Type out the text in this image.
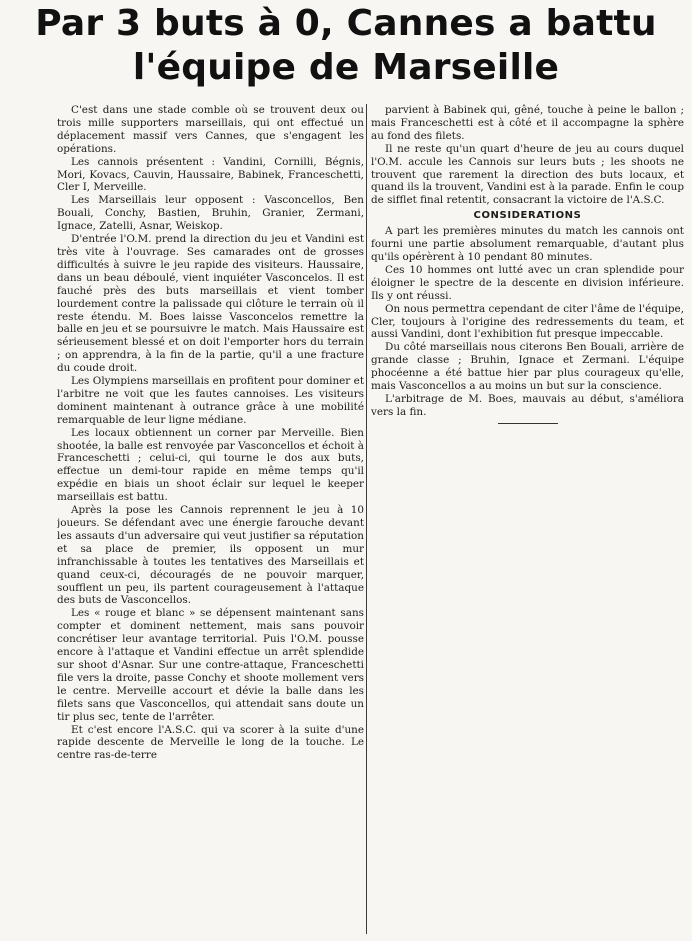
Par 3 buts à 0, Cannes a battu
l'équipe de Marseille

C'est dans une stade comble où se trouvent deux ou trois mille supporters marseillais, qui ont effectué un déplacement massif vers Cannes, que s'engagent les opérations.

Les cannois présentent : Vandini, Cornilli, Bégnis, Mori, Kovacs, Cauvin, Haussaire, Babinek, Franceschetti, Cler I, Merveille.

Les Marseillais leur opposent : Vasconcellos, Ben Bouali, Conchy, Bastien, Bruhin, Granier, Zermani, Ignace, Zatelli, Asnar, Weiskop.

D'entrée l'O.M. prend la direction du jeu et Vandini est très vite à l'ouvrage. Ses camarades ont de grosses difficultés à suivre le jeu rapide des visiteurs. Haussaire, dans un beau déboulé, vient inquiéter Vasconcelos. Il est fauché près des buts marseillais et vient tomber lourdement contre la palissade qui clôture le terrain où il reste étendu. M. Boes laisse Vasconcelos remettre la balle en jeu et se poursuivre le match. Mais Haussaire est sérieusement blessé et on doit l'emporter hors du terrain ; on apprendra, à la fin de la partie, qu'il a une fracture du coude droit.

Les Olympiens marseillais en profitent pour dominer et l'arbitre ne voit que les fautes cannoises. Les visiteurs dominent maintenant à outrance grâce à une mobilité remarquable de leur ligne médiane.

Les locaux obtiennent un corner par Merveille. Bien shootée, la balle est renvoyée par Vasconcellos et échoit à Franceschetti ; celui-ci, qui tourne le dos aux buts, effectue un demi-tour rapide en même temps qu'il expédie en biais un shoot éclair sur lequel le keeper marseillais est battu.

Après la pose les Cannois reprennent le jeu à 10 joueurs. Se défendant avec une énergie farouche devant les assauts d'un adversaire qui veut justifier sa réputation et sa place de premier, ils opposent un mur infranchissable à toutes les tentatives des Marseillais et quand ceux-ci, découragés de ne pouvoir marquer, soufflent un peu, ils partent courageusement à l'attaque des buts de Vasconcellos.

Les « rouge et blanc » se dépensent maintenant sans compter et dominent nettement, mais sans pouvoir concrétiser leur avantage territorial. Puis l'O.M. pousse encore à l'attaque et Vandini effectue un arrêt splendide sur shoot d'Asnar. Sur une contre-attaque, Franceschetti file vers la droite, passe Conchy et shoote mollement vers le centre. Merveille accourt et dévie la balle dans les filets sans que Vasconcellos, qui attendait sans doute un tir plus sec, tente de l'arrêter.

Et c'est encore l'A.S.C. qui va scorer à la suite d'une rapide descente de Merveille le long de la touche. Le centre ras-de-terre

parvient à Babinek qui, gêné, touche à peine le ballon ; mais Franceschetti est à côté et il accompagne la sphère au fond des filets.

Il ne reste qu'un quart d'heure de jeu au cours duquel l'O.M. accule les Cannois sur leurs buts ; les shoots ne trouvent que rarement la direction des buts locaux, et quand ils la trouvent, Vandini est à la parade. Enfin le coup de sifflet final retentit, consacrant la victoire de l'A.S.C.

CONSIDERATIONS

A part les premières minutes du match les cannois ont fourni une partie absolument remarquable, d'autant plus qu'ils opérèrent à 10 pendant 80 minutes.

Ces 10 hommes ont lutté avec un cran splendide pour éloigner le spectre de la descente en division inférieure. Ils y ont réussi.

On nous permettra cependant de citer l'âme de l'équipe, Cler, toujours à l'origine des redressements du team, et aussi Vandini, dont l'exhibition fut presque impeccable.

Du côté marseillais nous citerons Ben Bouali, arrière de grande classe ; Bruhin, Ignace et Zermani. L'équipe phocéenne a été battue hier par plus courageux qu'elle, mais Vasconcellos a au moins un but sur la conscience.

L'arbitrage de M. Boes, mauvais au début, s'améliora vers la fin.
